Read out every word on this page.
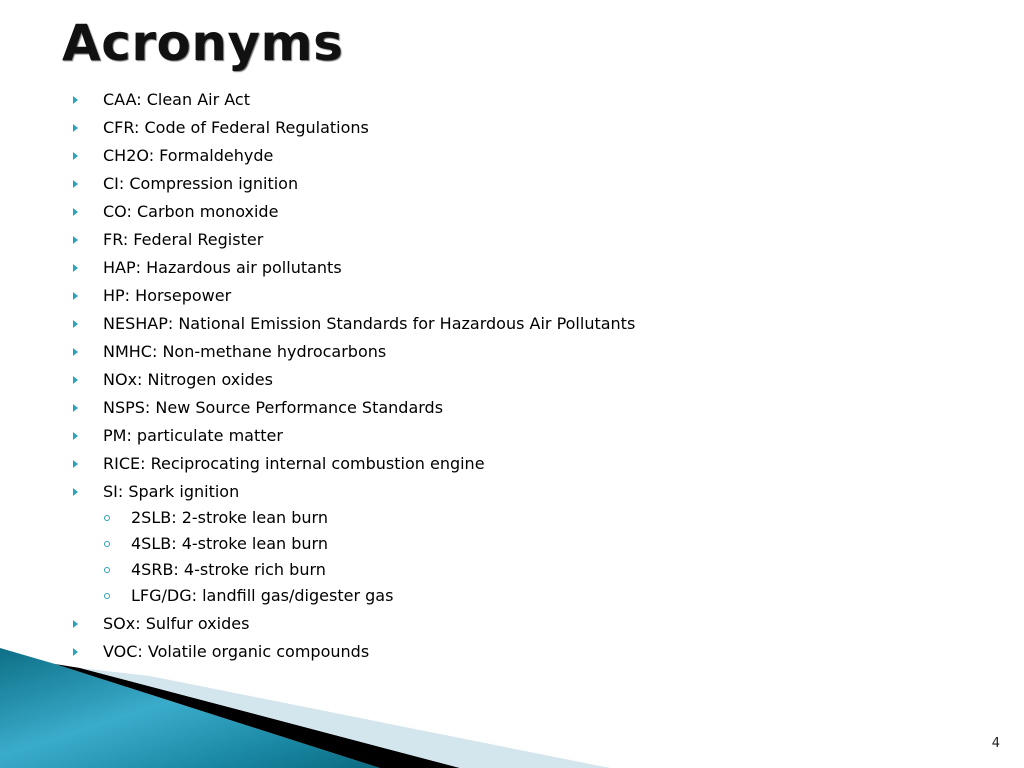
Acronyms
CAA: Clean Air Act
CFR: Code of Federal Regulations
CH2O: Formaldehyde
CI: Compression ignition
CO: Carbon monoxide
FR: Federal Register
HAP: Hazardous air pollutants
HP: Horsepower
NESHAP: National Emission Standards for Hazardous Air Pollutants
NMHC: Non-methane hydrocarbons
NOx: Nitrogen oxides
NSPS: New Source Performance Standards
PM: particulate matter
RICE: Reciprocating internal combustion engine
SI: Spark ignition
2SLB: 2-stroke lean burn
4SLB: 4-stroke lean burn
4SRB: 4-stroke rich burn
LFG/DG: landfill gas/digester gas
SOx: Sulfur oxides
VOC: Volatile organic compounds
4
